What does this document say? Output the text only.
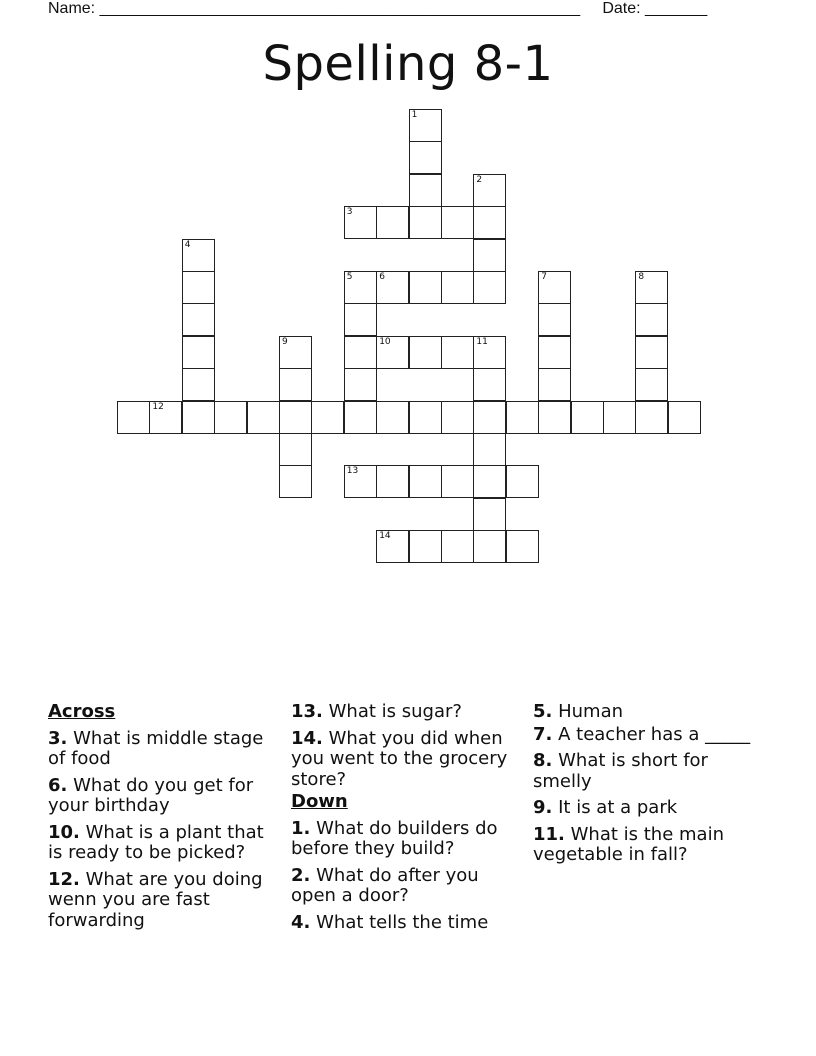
Name: ______________________________________________________     Date: _______
Spelling 8-1
1
2
3
4
5	6	7	8
9	10	11
12
13
14
Across
3. What is middle stage of food
6. What do you get for your birthday
10. What is a plant that is ready to be picked?
12. What are you doing wenn you are fast forwarding
13. What is sugar?
14. What you did when you went to the grocery store?
Down
1. What do builders do before they build?
2. What do after you open a door?
4. What tells the time
5. Human
7. A teacher has a _____
8. What is short for smelly
9. It is at a park
11. What is the main vegetable in fall?
